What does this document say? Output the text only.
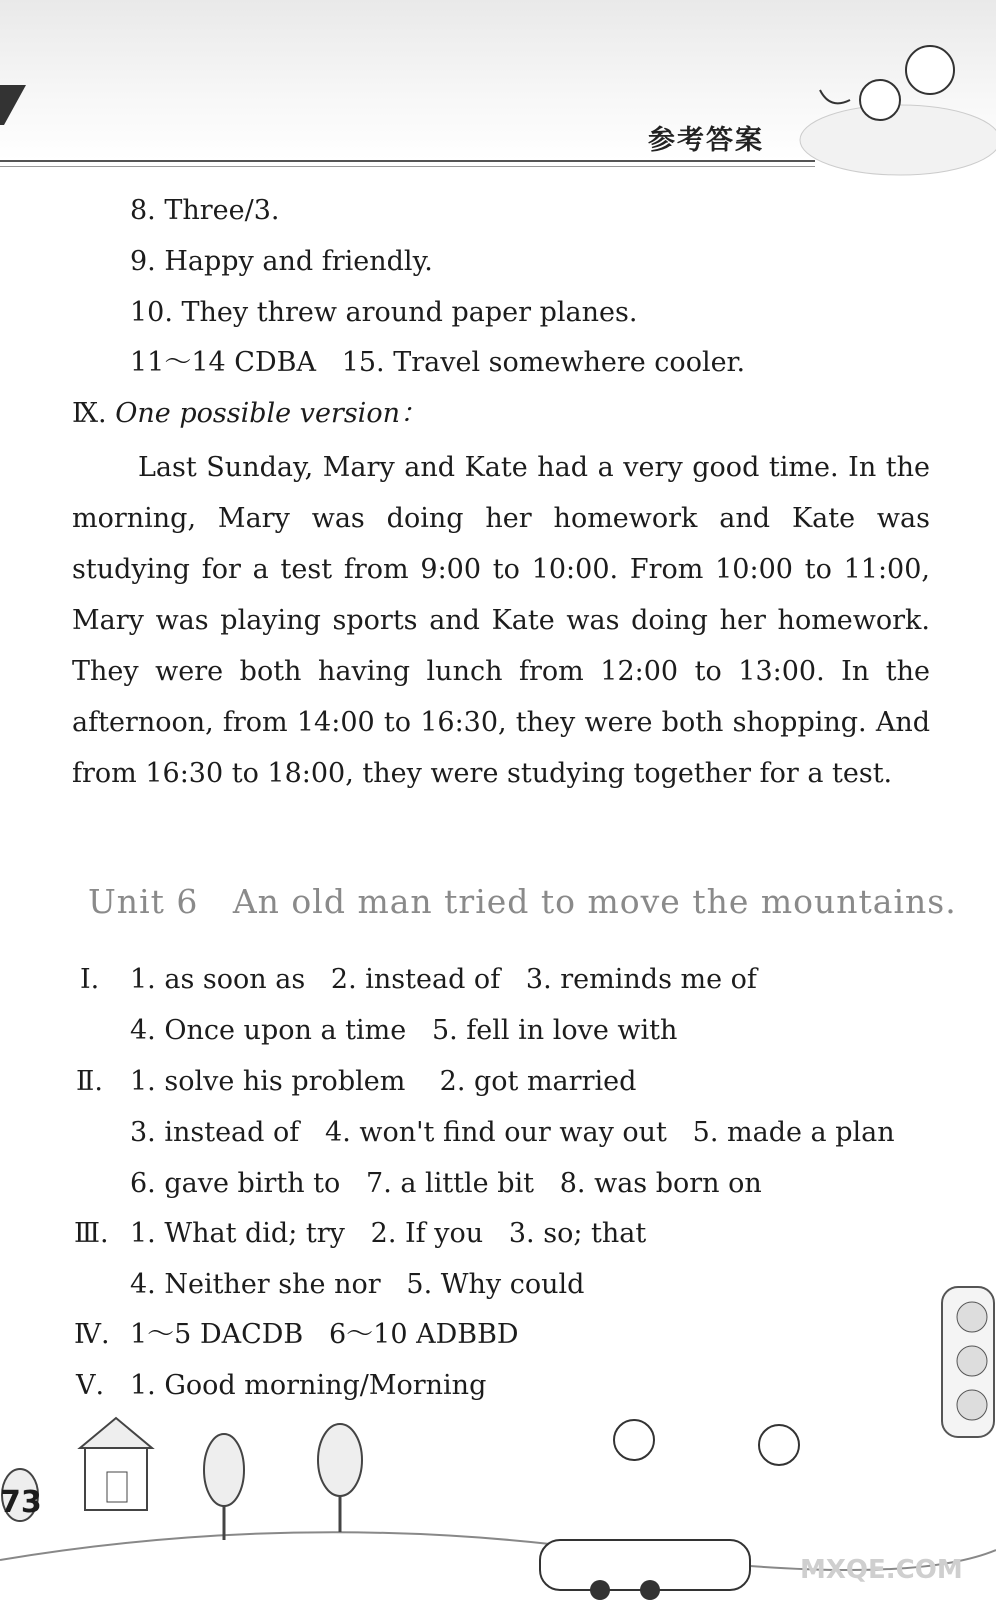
参考答案
8. Three/3.
9. Happy and friendly.
10. They threw around paper planes.
11～14 CDBA   15. Travel somewhere cooler.
Ⅸ. One possible version：
Last Sunday, Mary and Kate had a very good time. In the morning, Mary was doing her homework and Kate was studying for a test from 9:00 to 10:00. From 10:00 to 11:00, Mary was playing sports and Kate was doing her homework. They were both having lunch from 12:00 to 13:00. In the afternoon, from 14:00 to 16:30, they were both shopping. And from 16:30 to 18:00, they were studying together for a test.
Unit 6   An old man tried to move the mountains.
Ⅰ. 1. as soon as   2. instead of   3. reminds me of
4. Once upon a time   5. fell in love with
Ⅱ. 1. solve his problem    2. got married
3. instead of   4. won't find our way out   5. made a plan
6. gave birth to   7. a little bit   8. was born on
Ⅲ. 1. What did; try   2. If you   3. so; that
4. Neither she nor   5. Why could
Ⅳ. 1～5 DACDB   6～10 ADBBD
Ⅴ. 1. Good morning/Morning
73
MXQE.COM
